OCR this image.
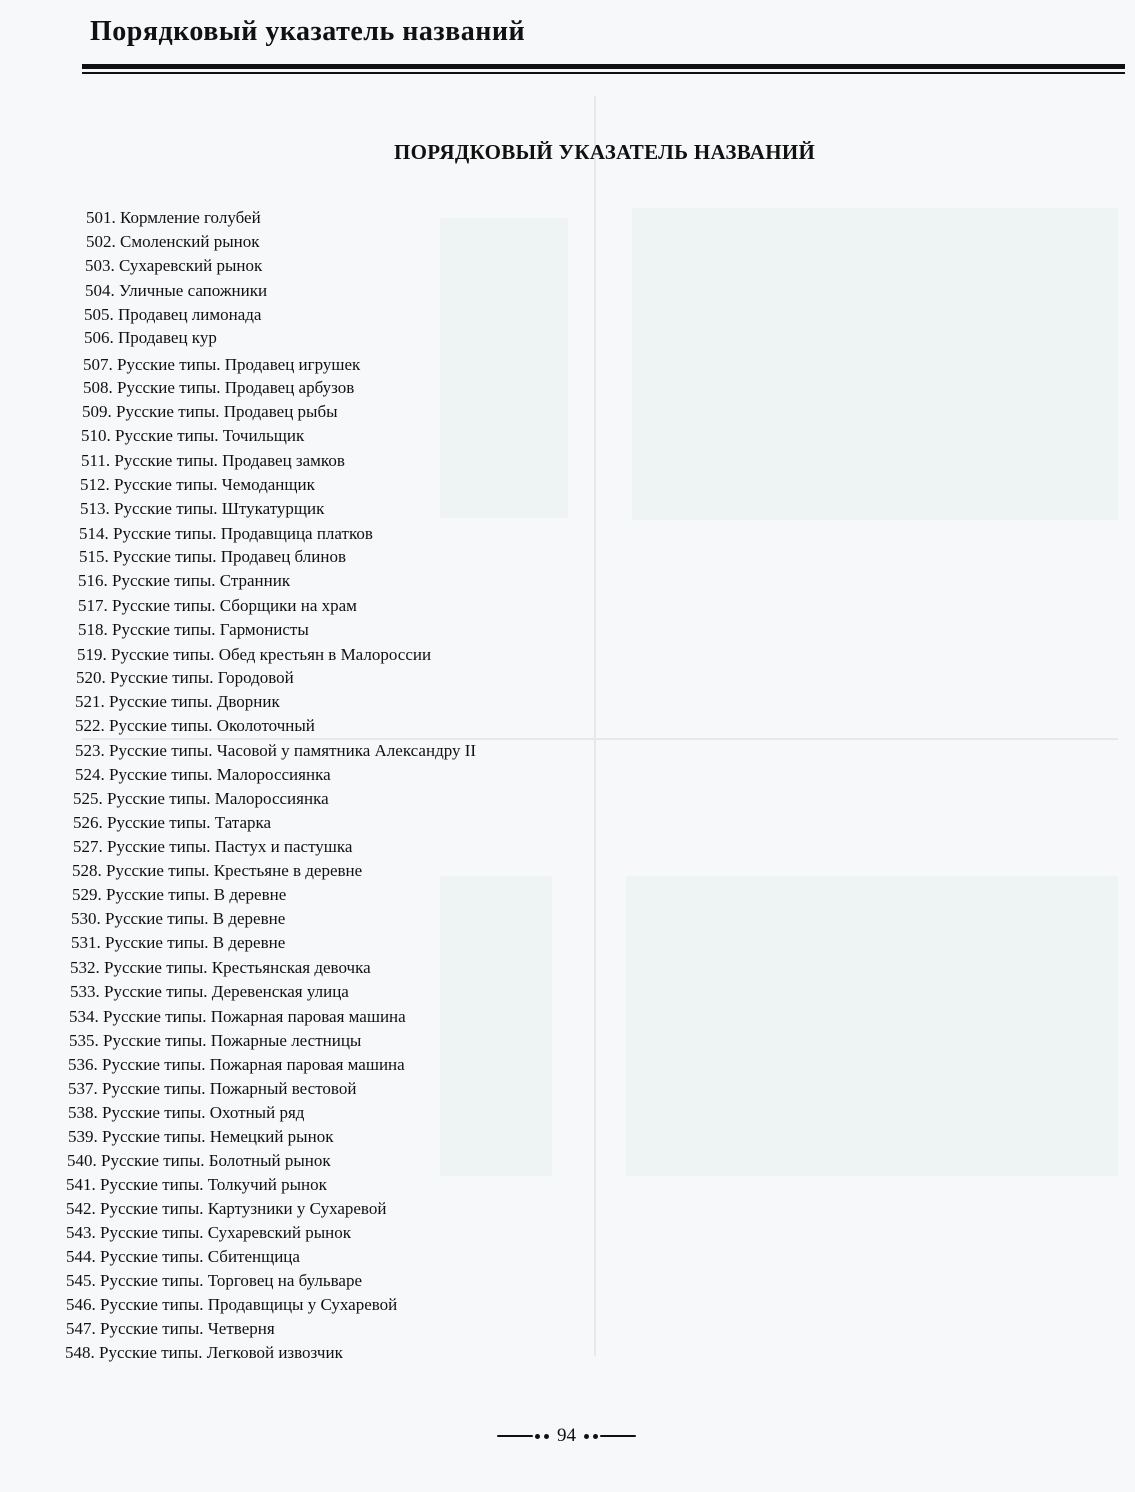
Порядковый указатель названий
ПОРЯДКОВЫЙ УКАЗАТЕЛЬ НАЗВАНИЙ
501. Кормление голубей
502. Смоленский рынок
503. Сухаревский рынок
504. Уличные сапожники
505. Продавец лимонада
506. Продавец кур
507. Русские типы. Продавец игрушек
508. Русские типы. Продавец арбузов
509. Русские типы. Продавец рыбы
510. Русские типы. Точильщик
511. Русские типы. Продавец замков
512. Русские типы. Чемоданщик
513. Русские типы. Штукатурщик
514. Русские типы. Продавщица платков
515. Русские типы. Продавец блинов
516. Русские типы. Странник
517. Русские типы. Сборщики на храм
518. Русские типы. Гармонисты
519. Русские типы. Обед крестьян в Малороссии
520. Русские типы. Городовой
521. Русские типы. Дворник
522. Русские типы. Околоточный
523. Русские типы. Часовой у памятника Александру II
524. Русские типы. Малороссиянка
525. Русские типы. Малороссиянка
526. Русские типы. Татарка
527. Русские типы. Пастух и пастушка
528. Русские типы. Крестьяне в деревне
529. Русские типы. В деревне
530. Русские типы. В деревне
531. Русские типы. В деревне
532. Русские типы. Крестьянская девочка
533. Русские типы. Деревенская улица
534. Русские типы. Пожарная паровая машина
535. Русские типы. Пожарные лестницы
536. Русские типы. Пожарная паровая машина
537. Русские типы. Пожарный вестовой
538. Русские типы. Охотный ряд
539. Русские типы. Немецкий рынок
540. Русские типы. Болотный рынок
541. Русские типы. Толкучий рынок
542. Русские типы. Картузники у Сухаревой
543. Русские типы. Сухаревский рынок
544. Русские типы. Сбитенщица
545. Русские типы. Торговец на бульваре
546. Русские типы. Продавщицы у Сухаревой
547. Русские типы. Четверня
548. Русские типы. Легковой извозчик
94
